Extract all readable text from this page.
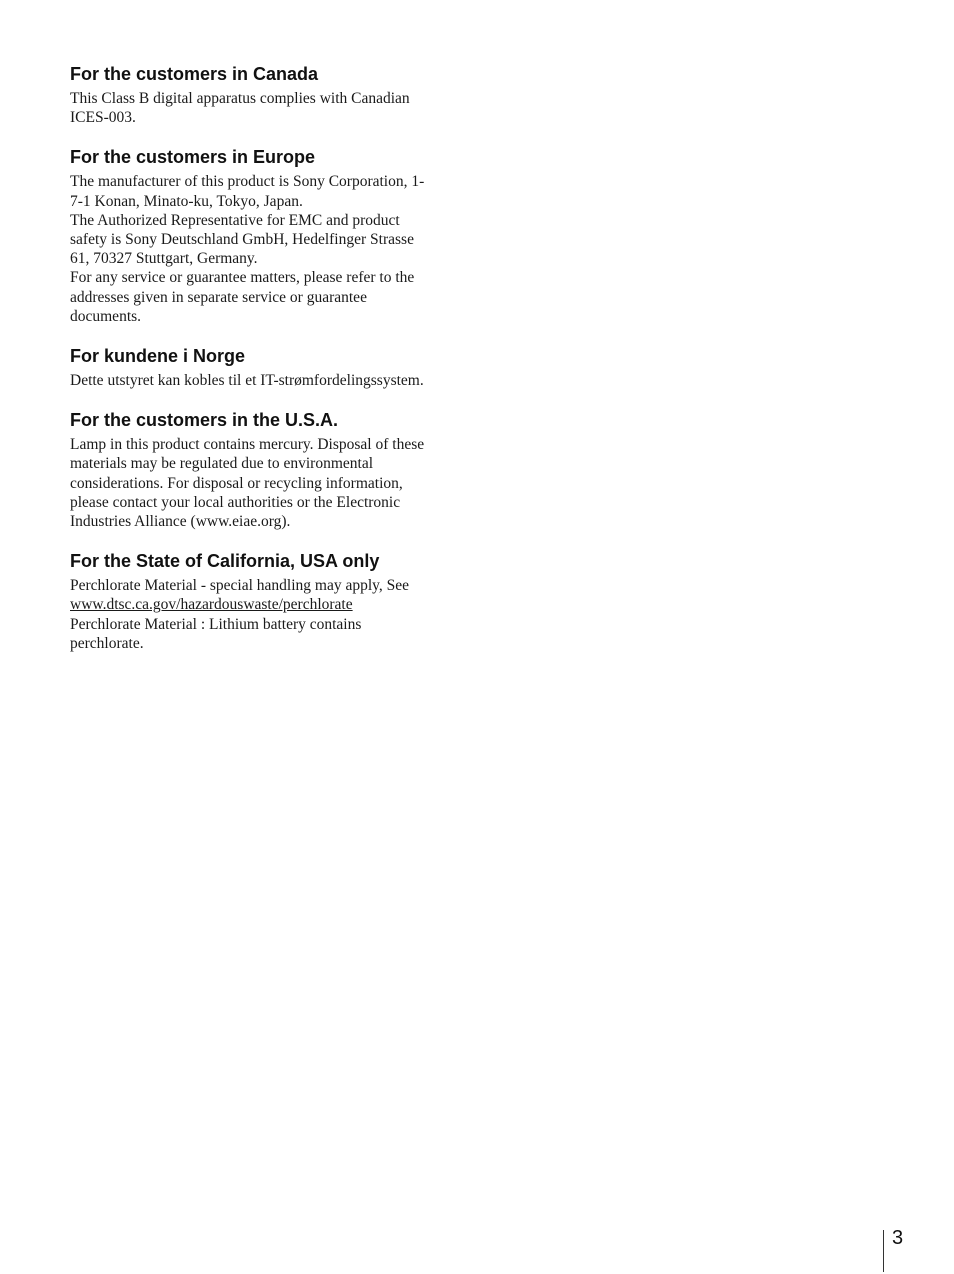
For the customers in Canada

This Class B digital apparatus complies with Canadian
ICES-003.

For the customers in Europe

The manufacturer of this product is Sony Corporation, 1-
7-1 Konan, Minato-ku, Tokyo, Japan.
The Authorized Representative for EMC and product
safety is Sony Deutschland GmbH, Hedelfinger Strasse
61, 70327 Stuttgart, Germany.
For any service or guarantee matters, please refer to the
addresses given in separate service or guarantee
documents.

For kundene i Norge

Dette utstyret kan kobles til et IT-strømfordelingssystem.

For the customers in the U.S.A.

Lamp in this product contains mercury. Disposal of these
materials may be regulated due to environmental
considerations. For disposal or recycling information,
please contact your local authorities or the Electronic
Industries Alliance (www.eiae.org).

For the State of California, USA only

Perchlorate Material - special handling may apply, See
www.dtsc.ca.gov/hazardouswaste/perchlorate
Perchlorate Material : Lithium battery contains
perchlorate.

3
